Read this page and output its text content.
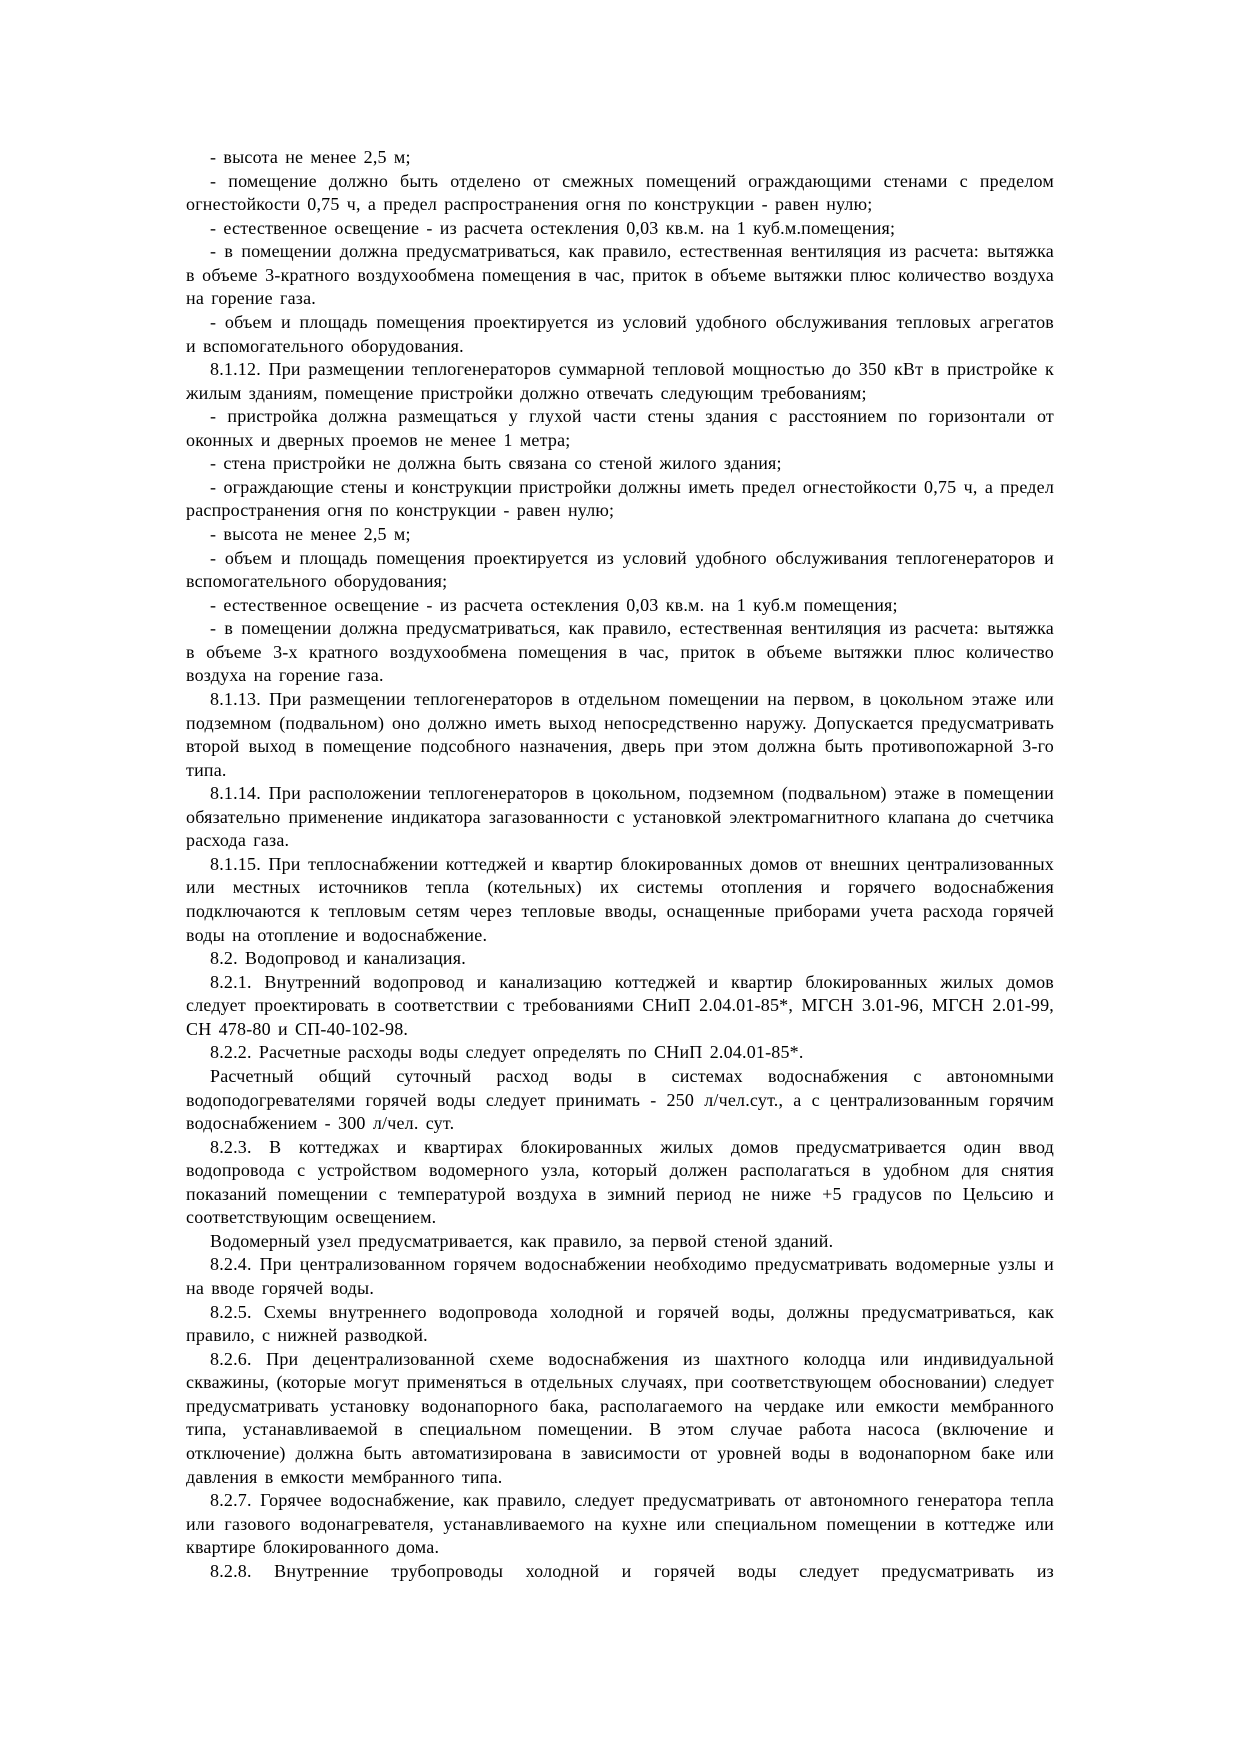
- высота не менее 2,5 м;

- помещение должно быть отделено от смежных помещений ограждающими стенами с пределом огнестойкости 0,75 ч, а предел распространения огня по конструкции - равен нулю;

- естественное освещение - из расчета остекления 0,03 кв.м. на 1 куб.м.помещения;

- в помещении должна предусматриваться, как правило, естественная вентиляция из расчета: вытяжка в объеме 3-кратного воздухообмена помещения в час, приток в объеме вытяжки плюс количество воздуха на горение газа.

- объем и площадь помещения проектируется из условий удобного обслуживания тепловых агрегатов и вспомогательного оборудования.

8.1.12. При размещении теплогенераторов суммарной тепловой мощностью до 350 кВт в пристройке к жилым зданиям, помещение пристройки должно отвечать следующим требованиям;

- пристройка должна размещаться у глухой части стены здания с расстоянием по горизонтали от оконных и дверных проемов не менее 1 метра;

- стена пристройки не должна быть связана со стеной жилого здания;

- ограждающие стены и конструкции пристройки должны иметь предел огнестойкости 0,75 ч, а предел распространения огня по конструкции - равен нулю;

- высота не менее 2,5 м;

- объем и площадь помещения проектируется из условий удобного обслуживания теплогенераторов и вспомогательного оборудования;

- естественное освещение - из расчета остекления 0,03 кв.м. на 1 куб.м помещения;

- в помещении должна предусматриваться, как правило, естественная вентиляция из расчета: вытяжка в объеме 3-х кратного воздухообмена помещения в час, приток в объеме вытяжки плюс количество воздуха на горение газа.

8.1.13. При размещении теплогенераторов в отдельном помещении на первом, в цокольном этаже или подземном (подвальном) оно должно иметь выход непосредственно наружу. Допускается предусматривать второй выход в помещение подсобного назначения, дверь при этом должна быть противопожарной 3-го типа.

8.1.14. При расположении теплогенераторов в цокольном, подземном (подвальном) этаже в помещении обязательно применение индикатора загазованности с установкой электромагнитного клапана до счетчика расхода газа.

8.1.15. При теплоснабжении коттеджей и квартир блокированных домов от внешних централизованных или местных источников тепла (котельных) их системы отопления и горячего водоснабжения подключаются к тепловым сетям через тепловые вводы, оснащенные приборами учета расхода горячей воды на отопление и водоснабжение.

8.2. Водопровод и канализация.

8.2.1. Внутренний водопровод и канализацию коттеджей и квартир блокированных жилых домов следует проектировать в соответствии с требованиями СНиП 2.04.01-85*, МГСН 3.01-96, МГСН 2.01-99, СН 478-80 и СП-40-102-98.

8.2.2. Расчетные расходы воды следует определять по СНиП 2.04.01-85*.

Расчетный общий суточный расход воды в системах водоснабжения с автономными водоподогревателями горячей воды следует принимать - 250 л/чел.сут., а с централизованным горячим водоснабжением - 300 л/чел. сут.

8.2.3. В коттеджах и квартирах блокированных жилых домов предусматривается один ввод водопровода с устройством водомерного узла, который должен располагаться в удобном для снятия показаний помещении с температурой воздуха в зимний период не ниже +5 градусов по Цельсию и соответствующим освещением.

Водомерный узел предусматривается, как правило, за первой стеной зданий.

8.2.4. При централизованном горячем водоснабжении необходимо предусматривать водомерные узлы и на вводе горячей воды.

8.2.5. Схемы внутреннего водопровода холодной и горячей воды, должны предусматриваться, как правило, с нижней разводкой.

8.2.6. При децентрализованной схеме водоснабжения из шахтного колодца или индивидуальной скважины, (которые могут применяться в отдельных случаях, при соответствующем обосновании) следует предусматривать установку водонапорного бака, располагаемого на чердаке или емкости мембранного типа, устанавливаемой в специальном помещении. В этом случае работа насоса (включение и отключение) должна быть автоматизирована в зависимости от уровней воды в водонапорном баке или давления в емкости мембранного типа.

8.2.7. Горячее водоснабжение, как правило, следует предусматривать от автономного генератора тепла или газового водонагревателя, устанавливаемого на кухне или специальном помещении в коттедже или квартире блокированного дома.

8.2.8. Внутренние трубопроводы холодной и горячей воды следует предусматривать из
